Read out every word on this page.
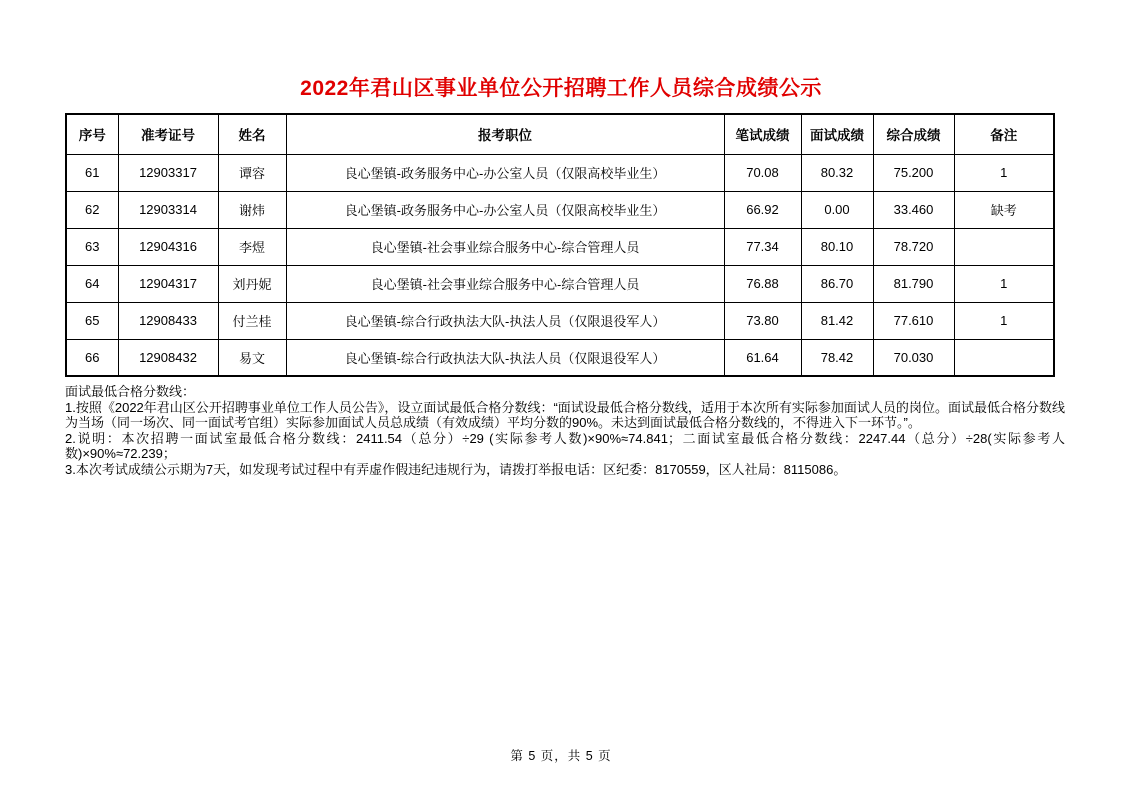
2022年君山区事业单位公开招聘工作人员综合成绩公示
序号	准考证号	姓名	报考职位	笔试成绩	面试成绩	综合成绩	备注
61	12903317	谭容	良心堡镇-政务服务中心-办公室人员（仅限高校毕业生）	70.08	80.32	75.200	1
62	12903314	谢炜	良心堡镇-政务服务中心-办公室人员（仅限高校毕业生）	66.92	0.00	33.460	缺考
63	12904316	李煜	良心堡镇-社会事业综合服务中心-综合管理人员	77.34	80.10	78.720	
64	12904317	刘丹妮	良心堡镇-社会事业综合服务中心-综合管理人员	76.88	86.70	81.790	1
65	12908433	付兰桂	良心堡镇-综合行政执法大队-执法人员（仅限退役军人）	73.80	81.42	77.610	1
66	12908432	易文	良心堡镇-综合行政执法大队-执法人员（仅限退役军人）	61.64	78.42	70.030	

面试最低合格分数线：

1.按照《2022年君山区公开招聘事业单位工作人员公告》，设立面试最低合格分数线：“面试设最低合格分数线，适用于本次所有实际参加面试人员的岗位。面试最低合格分数线为当场（同一场次、同一面试考官组）实际参加面试人员总成绩（有效成绩）平均分数的90%。未达到面试最低合格分数线的，不得进入下一环节。”。

2.说明：本次招聘一面试室最低合格分数线：2411.54（总分）÷29 (实际参考人数)×90%≈74.841；二面试室最低合格分数线：2247.44（总分）÷28(实际参考人数)×90%≈72.239；

3.本次考试成绩公示期为7天，如发现考试过程中有弄虚作假违纪违规行为，请拨打举报电话：区纪委：8170559，区人社局：8115086。

第 5 页，共 5 页
